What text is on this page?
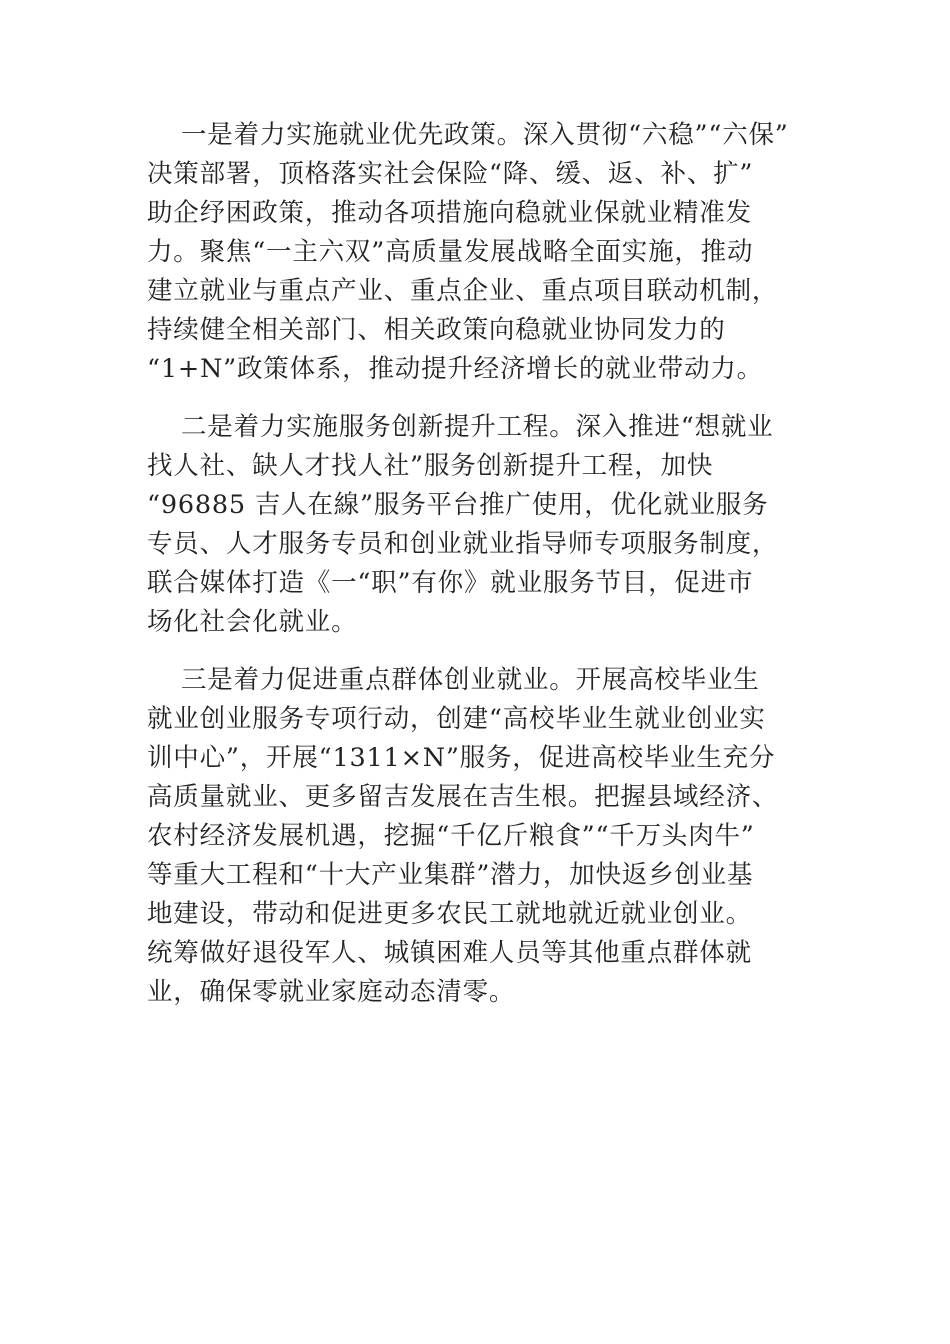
一是着力实施就业优先政策。深入贯彻“六稳”“六保”
决策部署，顶格落实社会保险“降、缓、返、补、扩”
助企纾困政策，推动各项措施向稳就业保就业精准发
力。聚焦“一主六双”高质量发展战略全面实施，推动
建立就业与重点产业、重点企业、重点项目联动机制，
持续健全相关部门、相关政策向稳就业协同发力的
“1+N”政策体系，推动提升经济增长的就业带动力。
二是着力实施服务创新提升工程。深入推进“想就业
找人社、缺人才找人社”服务创新提升工程，加快
“96885 吉人在線”服务平台推广使用，优化就业服务
专员、人才服务专员和创业就业指导师专项服务制度，
联合媒体打造《一“职”有你》就业服务节目，促进市
场化社会化就业。
三是着力促进重点群体创业就业。开展高校毕业生
就业创业服务专项行动，创建“高校毕业生就业创业实
训中心”，开展“1311×N”服务，促进高校毕业生充分
高质量就业、更多留吉发展在吉生根。把握县域经济、
农村经济发展机遇，挖掘“千亿斤粮食”“千万头肉牛”
等重大工程和“十大产业集群”潜力，加快返乡创业基
地建设，带动和促进更多农民工就地就近就业创业。
统筹做好退役军人、城镇困难人员等其他重点群体就
业，确保零就业家庭动态清零。
